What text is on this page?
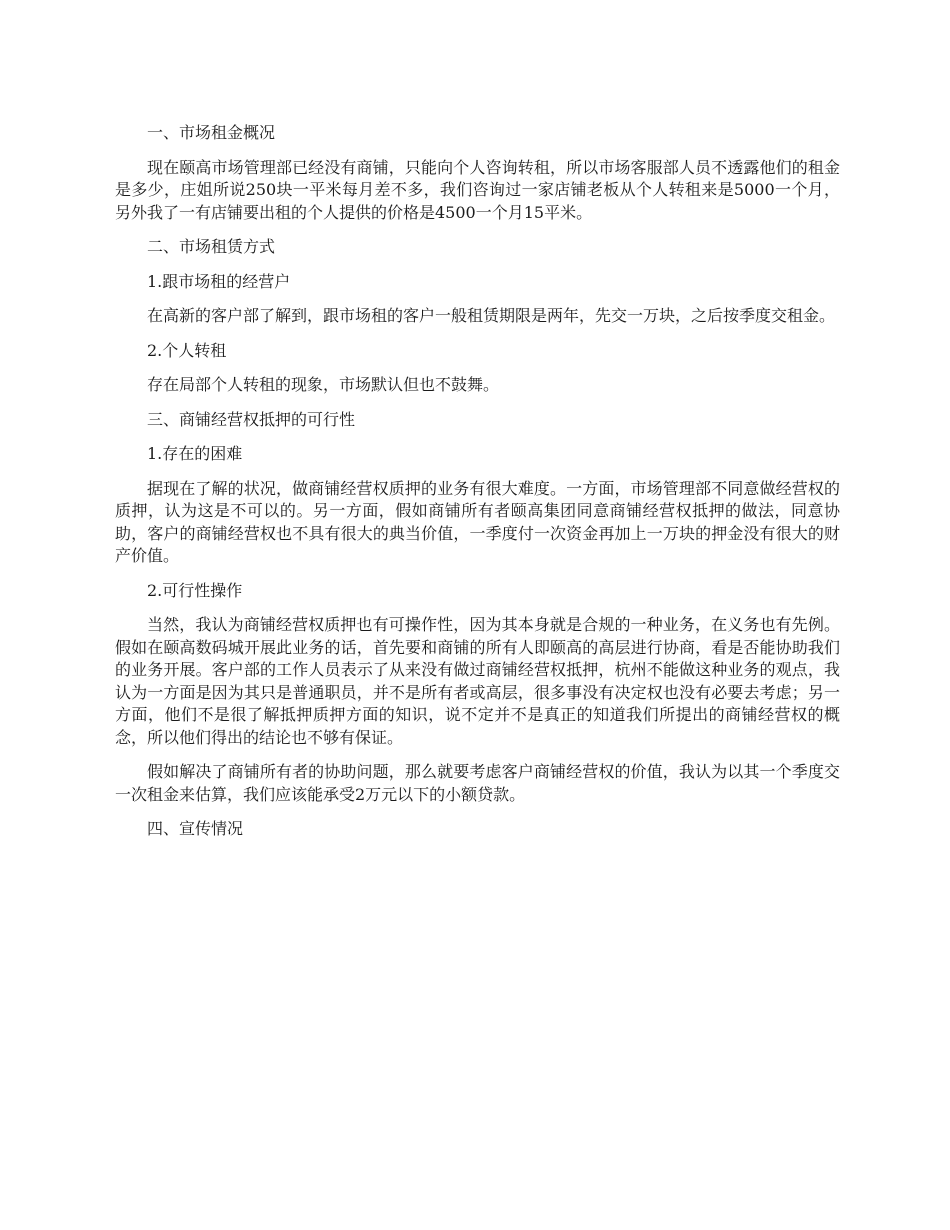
一、市场租金概况

现在颐高市场管理部已经没有商铺，只能向个人咨询转租，所以市场客服部人员不透露他们的租金是多少，庄姐所说250块一平米每月差不多，我们咨询过一家店铺老板从个人转租来是5000一个月，另外我了一有店铺要出租的个人提供的价格是4500一个月15平米。

二、市场租赁方式

1.跟市场租的经营户

在高新的客户部了解到，跟市场租的客户一般租赁期限是两年，先交一万块，之后按季度交租金。

2.个人转租

存在局部个人转租的现象，市场默认但也不鼓舞。

三、商铺经营权抵押的可行性

1.存在的困难

据现在了解的状况，做商铺经营权质押的业务有很大难度。一方面，市场管理部不同意做经营权的质押，认为这是不可以的。另一方面，假如商铺所有者颐高集团同意商铺经营权抵押的做法，同意协助，客户的商铺经营权也不具有很大的典当价值，一季度付一次资金再加上一万块的押金没有很大的财产价值。

2.可行性操作

当然，我认为商铺经营权质押也有可操作性，因为其本身就是合规的一种业务，在义务也有先例。假如在颐高数码城开展此业务的话，首先要和商铺的所有人即颐高的高层进行协商，看是否能协助我们的业务开展。客户部的工作人员表示了从来没有做过商铺经营权抵押，杭州不能做这种业务的观点，我认为一方面是因为其只是普通职员，并不是所有者或高层，很多事没有决定权也没有必要去考虑；另一方面，他们不是很了解抵押质押方面的知识，说不定并不是真正的知道我们所提出的商铺经营权的概念，所以他们得出的结论也不够有保证。

假如解决了商铺所有者的协助问题，那么就要考虑客户商铺经营权的价值，我认为以其一个季度交一次租金来估算，我们应该能承受2万元以下的小额贷款。

四、宣传情况
